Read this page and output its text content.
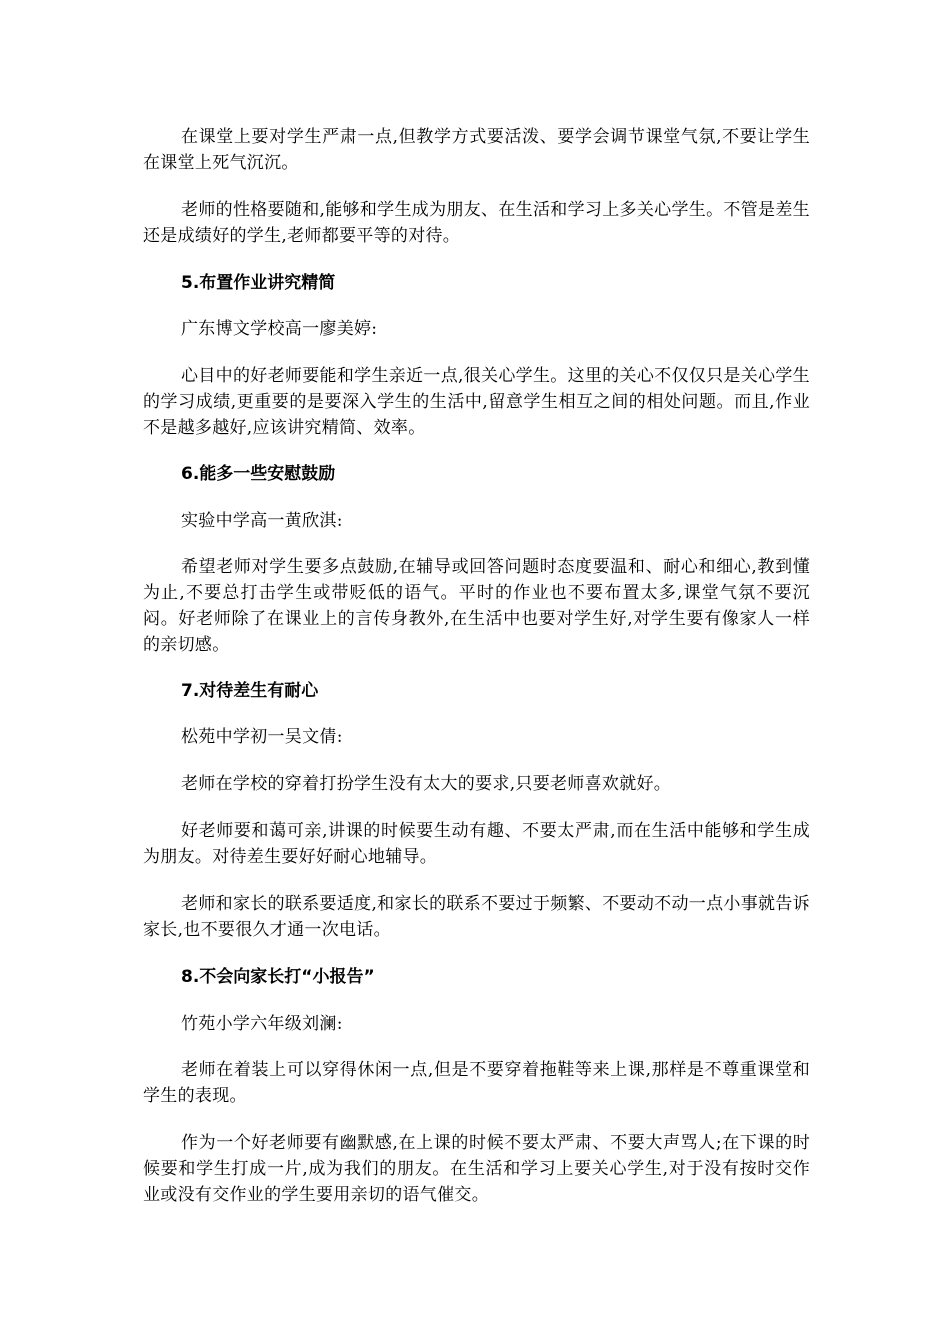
在课堂上要对学生严肃一点,但教学方式要活泼、要学会调节课堂气氛,不要让学生在课堂上死气沉沉。

老师的性格要随和,能够和学生成为朋友、在生活和学习上多关心学生。不管是差生还是成绩好的学生,老师都要平等的对待。

5.布置作业讲究精简

广东博文学校高一廖美婷:

心目中的好老师要能和学生亲近一点,很关心学生。这里的关心不仅仅只是关心学生的学习成绩,更重要的是要深入学生的生活中,留意学生相互之间的相处问题。而且,作业不是越多越好,应该讲究精简、效率。

6.能多一些安慰鼓励

实验中学高一黄欣淇:

希望老师对学生要多点鼓励,在辅导或回答问题时态度要温和、耐心和细心,教到懂为止,不要总打击学生或带贬低的语气。平时的作业也不要布置太多,课堂气氛不要沉闷。好老师除了在课业上的言传身教外,在生活中也要对学生好,对学生要有像家人一样的亲切感。

7.对待差生有耐心

松苑中学初一吴文倩:

老师在学校的穿着打扮学生没有太大的要求,只要老师喜欢就好。

好老师要和蔼可亲,讲课的时候要生动有趣、不要太严肃,而在生活中能够和学生成为朋友。对待差生要好好耐心地辅导。

老师和家长的联系要适度,和家长的联系不要过于频繁、不要动不动一点小事就告诉家长,也不要很久才通一次电话。

8.不会向家长打“小报告”

竹苑小学六年级刘澜:

老师在着装上可以穿得休闲一点,但是不要穿着拖鞋等来上课,那样是不尊重课堂和学生的表现。

作为一个好老师要有幽默感,在上课的时候不要太严肃、不要大声骂人;在下课的时候要和学生打成一片,成为我们的朋友。在生活和学习上要关心学生,对于没有按时交作业或没有交作业的学生要用亲切的语气催交。
